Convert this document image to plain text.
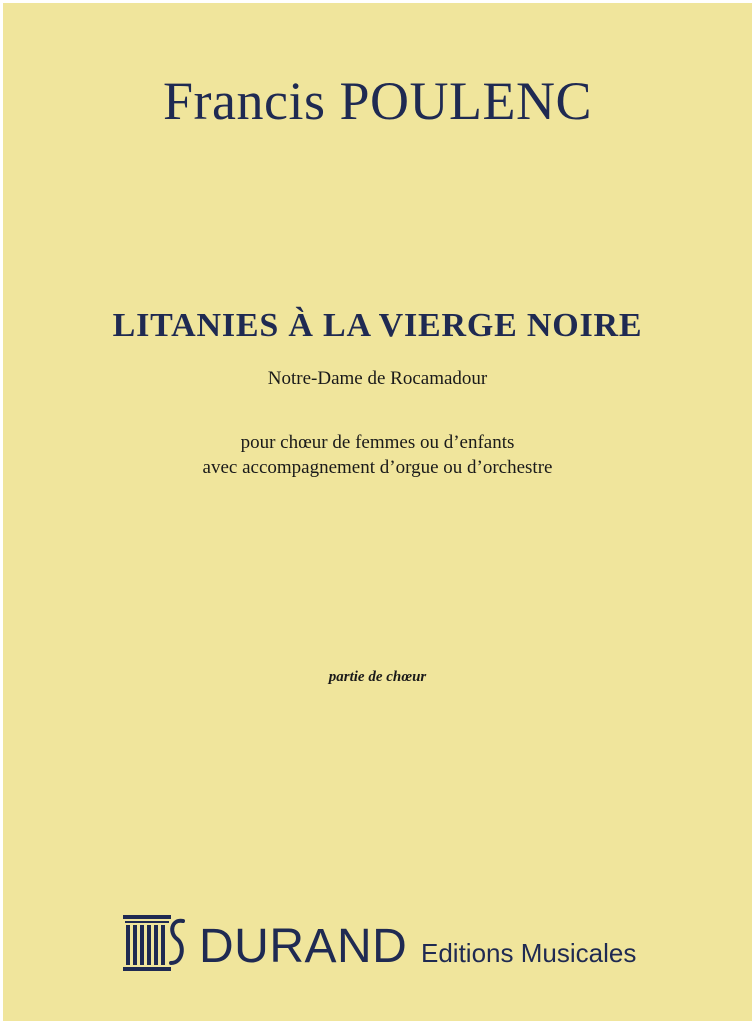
Francis POULENC
LITANIES À LA VIERGE NOIRE
Notre-Dame de Rocamadour
pour chœur de femmes ou d’enfants
avec accompagnement d’orgue ou d’orchestre
partie de chœur
DURAND Editions Musicales
